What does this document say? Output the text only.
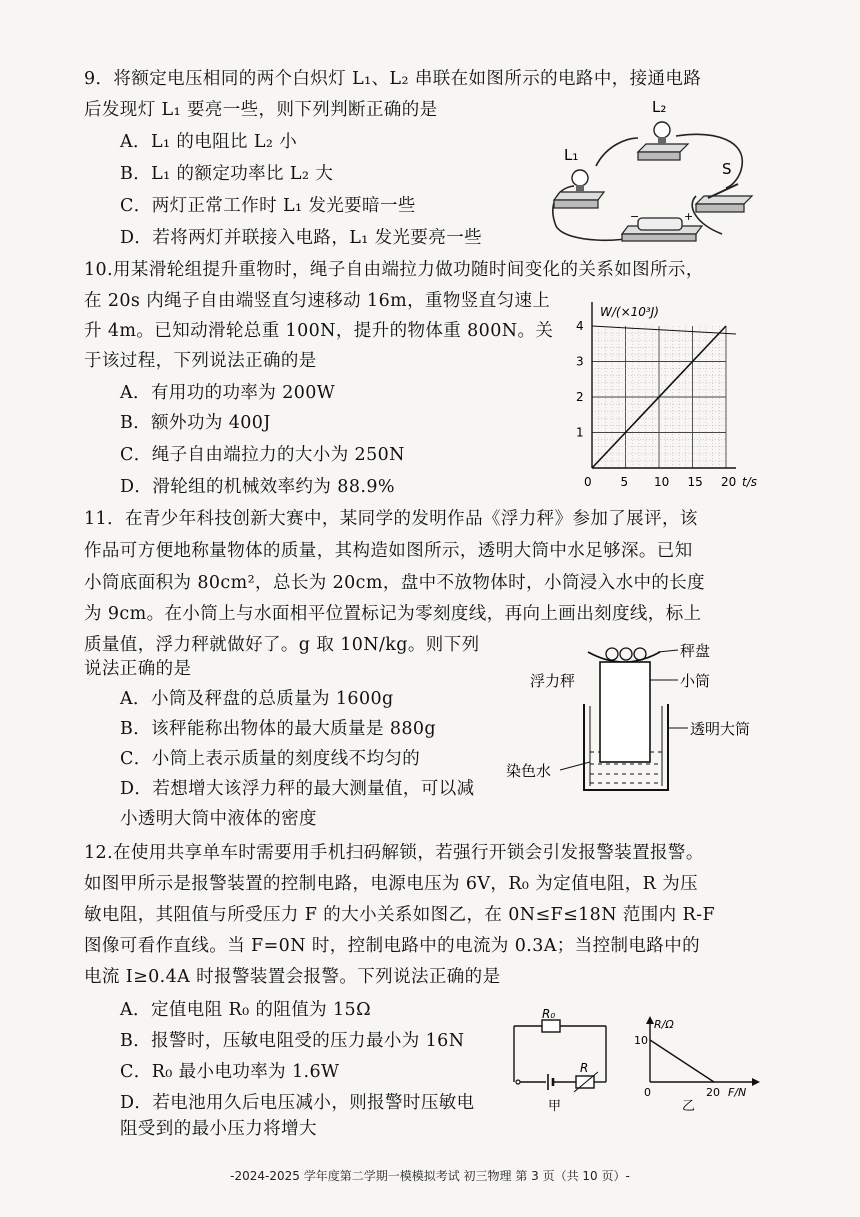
9．将额定电压相同的两个白炽灯 L₁、L₂ 串联在如图所示的电路中，接通电路
后发现灯 L₁ 要亮一些，则下列判断正确的是
A．L₁ 的电阻比 L₂ 小
B．L₁ 的额定功率比 L₂ 大
C．两灯正常工作时 L₁ 发光要暗一些
D．若将两灯并联接入电路，L₁ 发光要亮一些
−	+
L₁
L₂
S
10.用某滑轮组提升重物时，绳子自由端拉力做功随时间变化的关系如图所示，
在 20s 内绳子自由端竖直匀速移动 16m，重物竖直匀速上
升 4m。已知动滑轮总重 100N，提升的物体重 800N。关
于该过程，下列说法正确的是
A．有用功的功率为 200W
B．额外功为 400J
C．绳子自由端拉力的大小为 250N
D．滑轮组的机械效率约为 88.9%
W/(×10³J)
t/s
0 5 10 15 20
1
2
3
4
11．在青少年科技创新大赛中，某同学的发明作品《浮力秤》参加了展评，该
作品可方便地称量物体的质量，其构造如图所示，透明大筒中水足够深。已知
小筒底面积为 80cm²，总长为 20cm，盘中不放物体时，小筒浸入水中的长度
为 9cm。在小筒上与水面相平位置标记为零刻度线，再向上画出刻度线，标上
质量值，浮力秤就做好了。g 取 10N/kg。则下列
说法正确的是
A．小筒及秤盘的总质量为 1600g
B．该秤能称出物体的最大质量是 880g
C．小筒上表示质量的刻度线不均匀的
D．若想增大该浮力秤的最大测量值，可以减
小透明大筒中液体的密度
秤盘
浮力秤	小筒
透明大筒
染色水
12.在使用共享单车时需要用手机扫码解锁，若强行开锁会引发报警装置报警。
如图甲所示是报警装置的控制电路，电源电压为 6V，R₀ 为定值电阻，R 为压
敏电阻，其阻值与所受压力 F 的大小关系如图乙，在 0N≤F≤18N 范围内 R-F
图像可看作直线。当 F=0N 时，控制电路中的电流为 0.3A；当控制电路中的
电流 I≥0.4A 时报警装置会报警。下列说法正确的是
A．定值电阻 R₀ 的阻值为 15Ω
B．报警时，压敏电阻受的压力最小为 16N
C．R₀ 最小电功率为 1.6W
D．若电池用久后电压减小，则报警时压敏电
阻受到的最小压力将增大
R₀
R
甲
R/Ω
10
0	20 F/N
乙
-2024-2025 学年度第二学期一模模拟考试 初三物理 第 3 页（共 10 页）-
